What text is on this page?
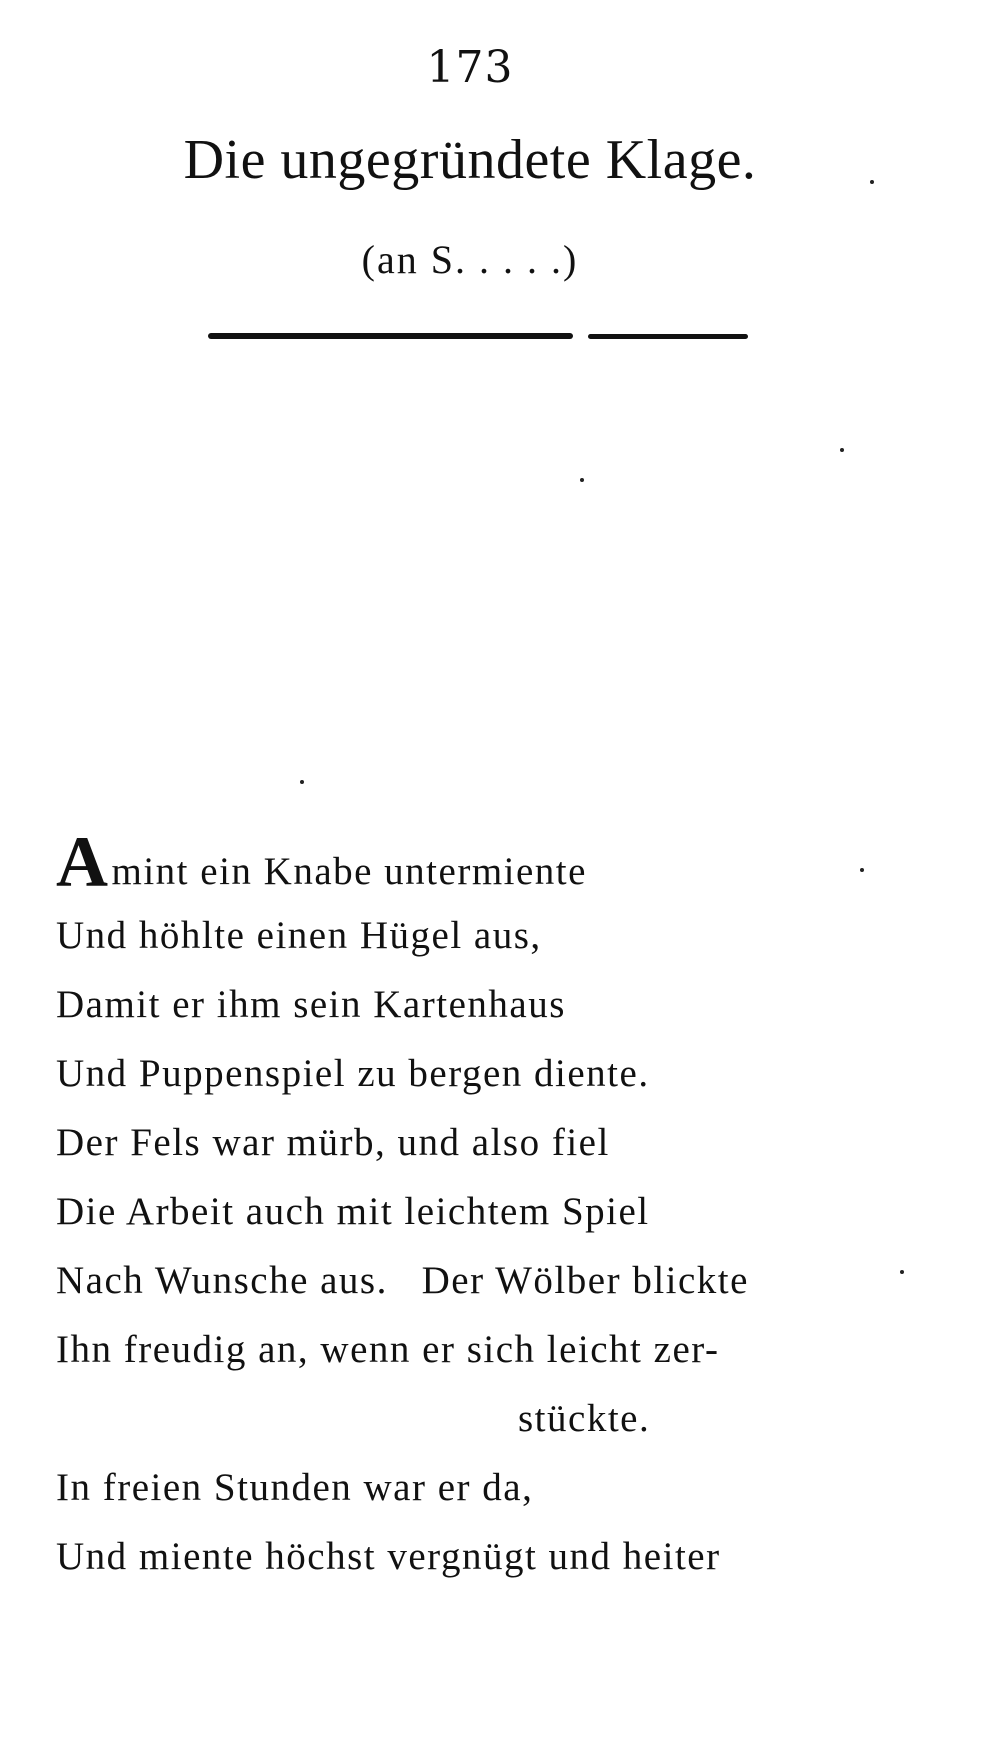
173
Die ungegründete Klage.
(an S. . . . .)
Amint ein Knabe untermiente
Und höhlte einen Hügel aus,
Damit er ihm sein Kartenhaus
Und Puppenspiel zu bergen diente.
Der Fels war mürb, und also fiel
Die Arbeit auch mit leichtem Spiel
Nach Wunsche aus.   Der Wölber blickte
Ihn freudig an, wenn er sich leicht zer-
stückte.
In freien Stunden war er da,
Und miente höchst vergnügt und heiter
